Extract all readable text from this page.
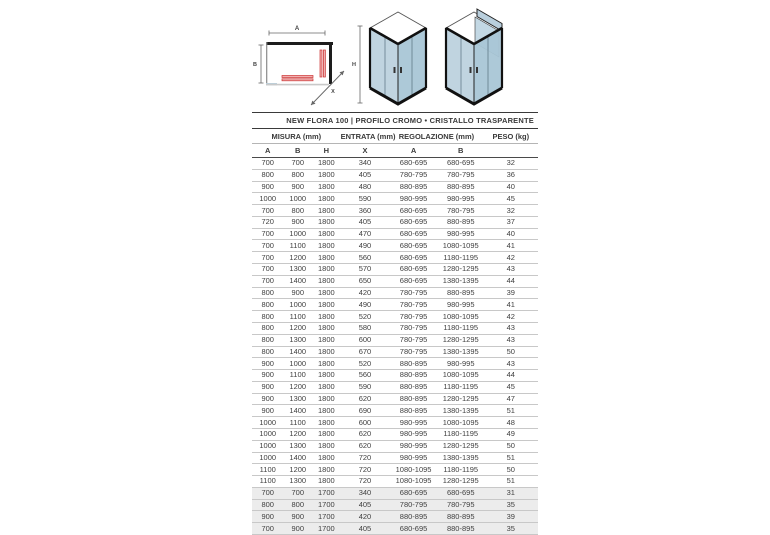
A
B
X
H
NEW FLORA 100 | PROFILO CROMO • CRISTALLO TRASPARENTE						
MISURA (mm)			ENTRATA (mm)	REGOLAZIONE (mm)		PESO (kg)
A	B	H	X	A	B	
700	700	1800	340	680-695	680-695	32
800	800	1800	405	780-795	780-795	36
900	900	1800	480	880-895	880-895	40
1000	1000	1800	590	980-995	980-995	45
700	800	1800	360	680-695	780-795	32
720	900	1800	405	680-695	880-895	37
700	1000	1800	470	680-695	980-995	40
700	1100	1800	490	680-695	1080-1095	41
700	1200	1800	560	680-695	1180-1195	42
700	1300	1800	570	680-695	1280-1295	43
700	1400	1800	650	680-695	1380-1395	44
800	900	1800	420	780-795	880-895	39
800	1000	1800	490	780-795	980-995	41
800	1100	1800	520	780-795	1080-1095	42
800	1200	1800	580	780-795	1180-1195	43
800	1300	1800	600	780-795	1280-1295	43
800	1400	1800	670	780-795	1380-1395	50
900	1000	1800	520	880-895	980-995	43
900	1100	1800	560	880-895	1080-1095	44
900	1200	1800	590	880-895	1180-1195	45
900	1300	1800	620	880-895	1280-1295	47
900	1400	1800	690	880-895	1380-1395	51
1000	1100	1800	600	980-995	1080-1095	48
1000	1200	1800	620	980-995	1180-1195	49
1000	1300	1800	620	980-995	1280-1295	50
1000	1400	1800	720	980-995	1380-1395	51
1100	1200	1800	720	1080-1095	1180-1195	50
1100	1300	1800	720	1080-1095	1280-1295	51
700	700	1700	340	680-695	680-695	31
800	800	1700	405	780-795	780-795	35
900	900	1700	420	880-895	880-895	39
700	900	1700	405	680-695	880-895	35
